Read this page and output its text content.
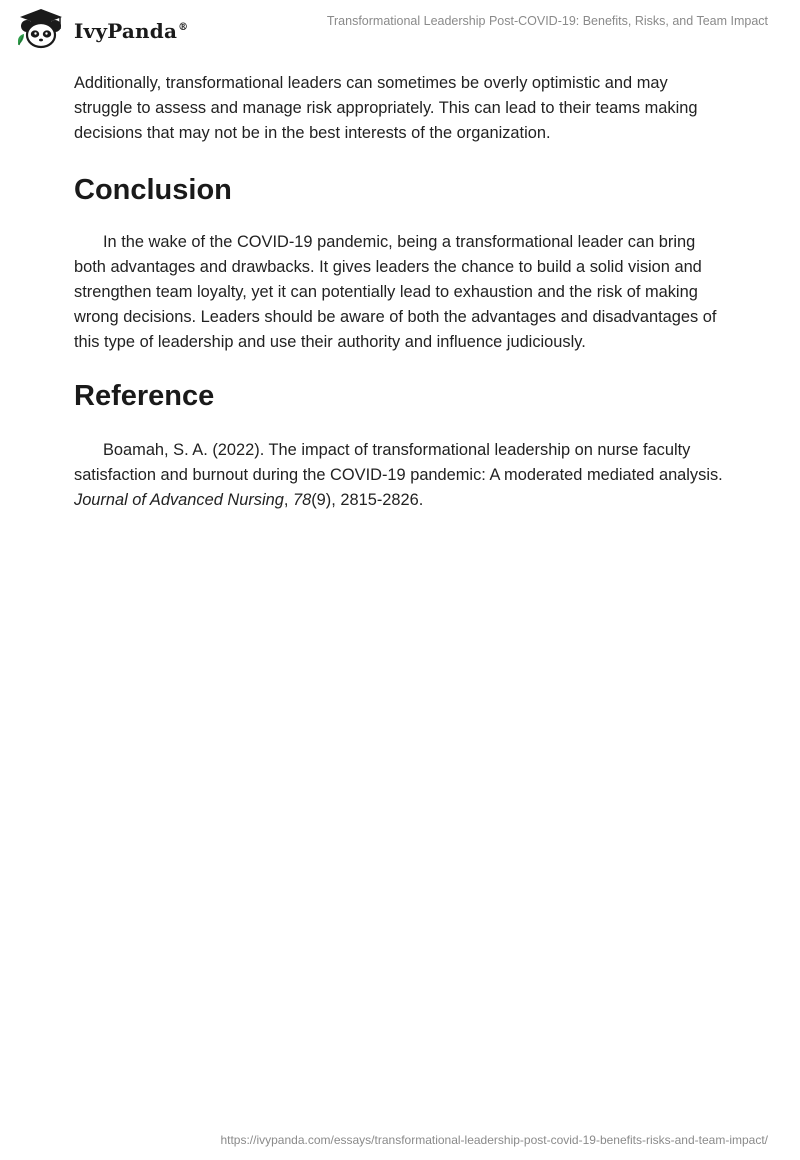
IvyPanda®	Transformational Leadership Post-COVID-19: Benefits, Risks, and Team Impact

Additionally, transformational leaders can sometimes be overly optimistic and may struggle to assess and manage risk appropriately. This can lead to their teams making decisions that may not be in the best interests of the organization.

Conclusion

In the wake of the COVID-19 pandemic, being a transformational leader can bring both advantages and drawbacks. It gives leaders the chance to build a solid vision and strengthen team loyalty, yet it can potentially lead to exhaustion and the risk of making wrong decisions. Leaders should be aware of both the advantages and disadvantages of this type of leadership and use their authority and influence judiciously.

Reference

Boamah, S. A. (2022). The impact of transformational leadership on nurse faculty satisfaction and burnout during the COVID-19 pandemic: A moderated mediated analysis. Journal of Advanced Nursing, 78(9), 2815-2826.

https://ivypanda.com/essays/transformational-leadership-post-covid-19-benefits-risks-and-team-impact/
